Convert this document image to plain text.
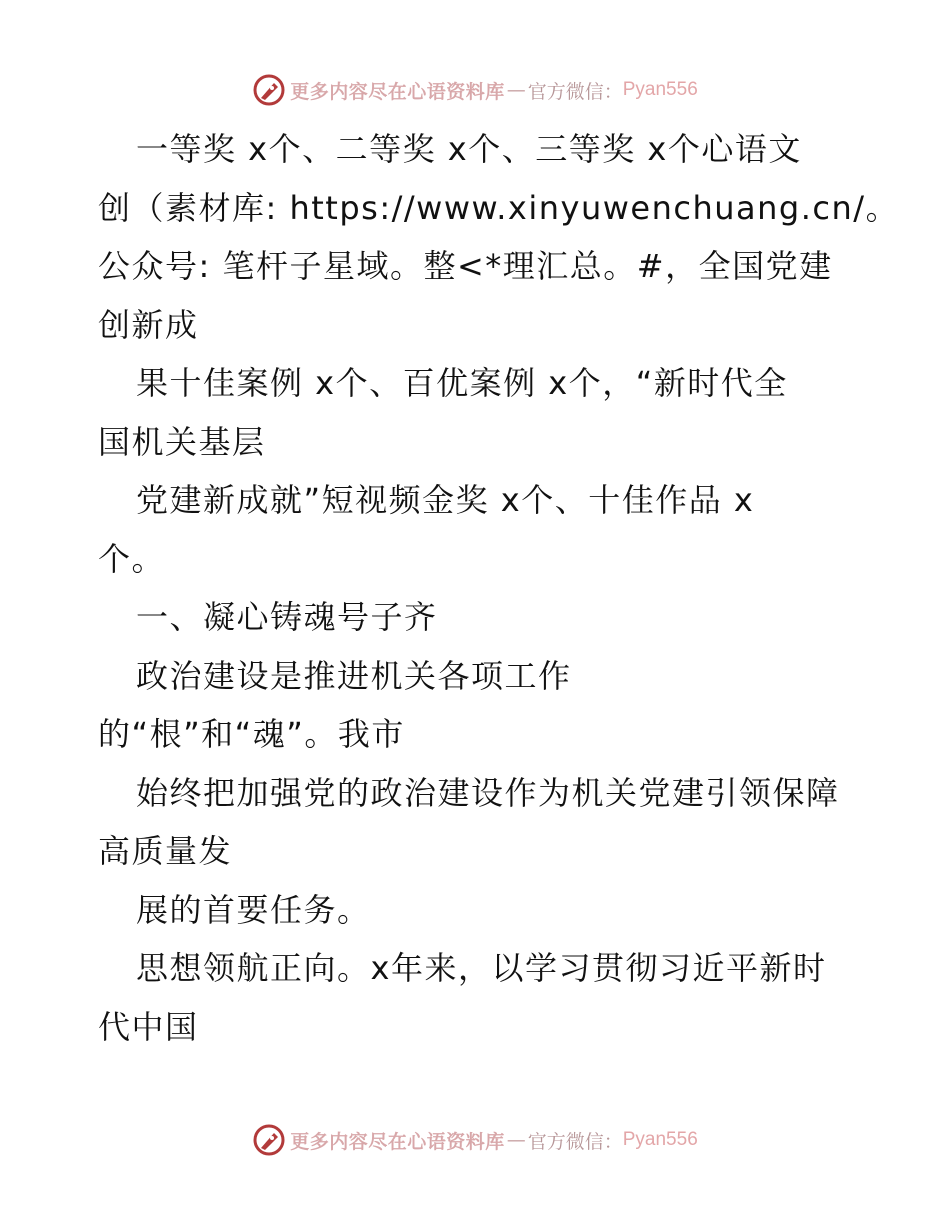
更多内容尽在心语资料库 — 官方微信： Pyan556
一等奖 x个、二等奖 x个、三等奖 x个心语文
创（素材库: https://www.xinyuwenchuang.cn/。
公众号: 笔杆子星域。整<*理汇总。#，全国党建
创新成
果十佳案例 x个、百优案例 x个，“新时代全
国机关基层
党建新成就”短视频金奖 x个、十佳作品 x
个。
一、凝心铸魂号子齐
政治建设是推进机关各项工作
的“根”和“魂”。我市
始终把加强党的政治建设作为机关党建引领保障
高质量发
展的首要任务。
思想领航正向。x年来，以学习贯彻习近平新时
代中国
更多内容尽在心语资料库 — 官方微信： Pyan556
